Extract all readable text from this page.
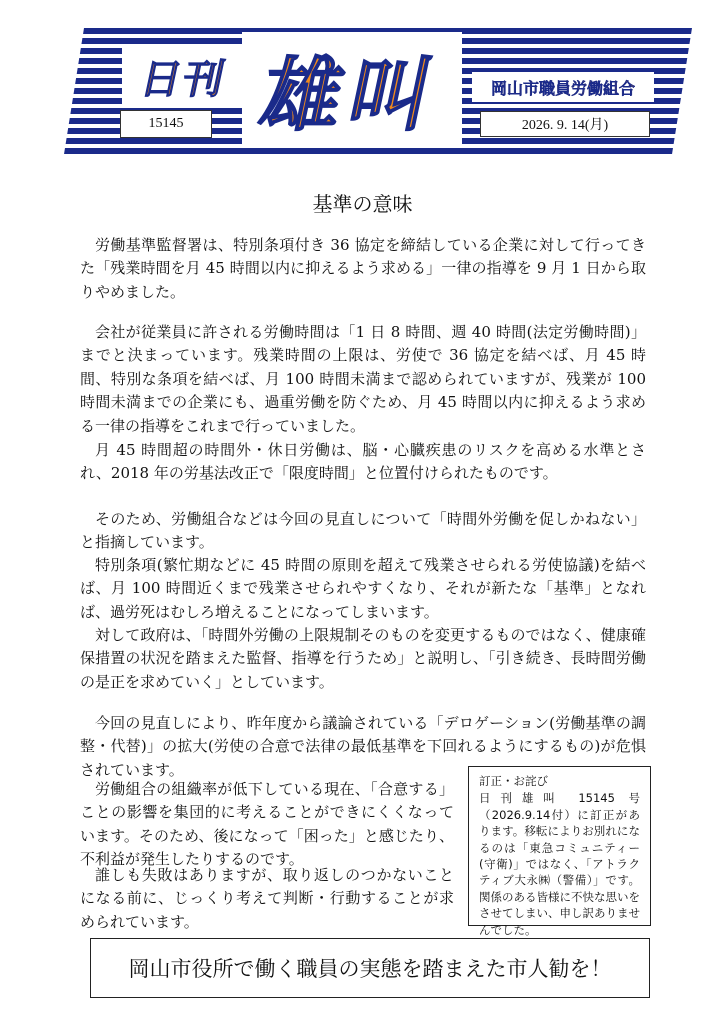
日刊 雄叫
15145
岡山市職員労働組合
2026. 9. 14(月)
基準の意味

労働基準監督署は、特別条項付き 36 協定を締結している企業に対して行ってきた「残業時間を月 45 時間以内に抑えるよう求める」一律の指導を 9 月 1 日から取りやめました。

会社が従業員に許される労働時間は「1 日 8 時間、週 40 時間(法定労働時間)」までと決まっています。残業時間の上限は、労使で 36 協定を結べば、月 45 時間、特別な条項を結べば、月 100 時間未満まで認められていますが、残業が 100 時間未満までの企業にも、過重労働を防ぐため、月 45 時間以内に抑えるよう求める一律の指導をこれまで行っていました。

月 45 時間超の時間外・休日労働は、脳・心臓疾患のリスクを高める水準とされ、2018 年の労基法改正で「限度時間」と位置付けられたものです。

そのため、労働組合などは今回の見直しについて「時間外労働を促しかねない」と指摘しています。

特別条項(繁忙期などに 45 時間の原則を超えて残業させられる労使協議)を結べば、月 100 時間近くまで残業させられやすくなり、それが新たな「基準」となれば、過労死はむしろ増えることになってしまいます。

対して政府は、「時間外労働の上限規制そのものを変更するものではなく、健康確保措置の状況を踏まえた監督、指導を行うため」と説明し、「引き続き、長時間労働の是正を求めていく」としています。

今回の見直しにより、昨年度から議論されている「デロゲーション(労働基準の調整・代替)」の拡大(労使の合意で法律の最低基準を下回れるようにするもの)が危惧されています。

労働組合の組織率が低下している現在、「合意する」ことの影響を集団的に考えることができにくくなっています。そのため、後になって「困った」と感じたり、不利益が発生したりするのです。

誰しも失敗はありますが、取り返しのつかないことになる前に、じっくり考えて判断・行動することが求められています。

訂正・お詫び
日刊雄叫 15145 号（2026.9.14付）に訂正があります。移転によりお別れになるのは「東急コミュニティー(守衛)」ではなく、「アトラクティブ大永㈱（警備）」です。関係のある皆様に不快な思いをさせてしまい、申し訳ありませんでした。
岡山市役所で働く職員の実態を踏まえた市人勧を！
